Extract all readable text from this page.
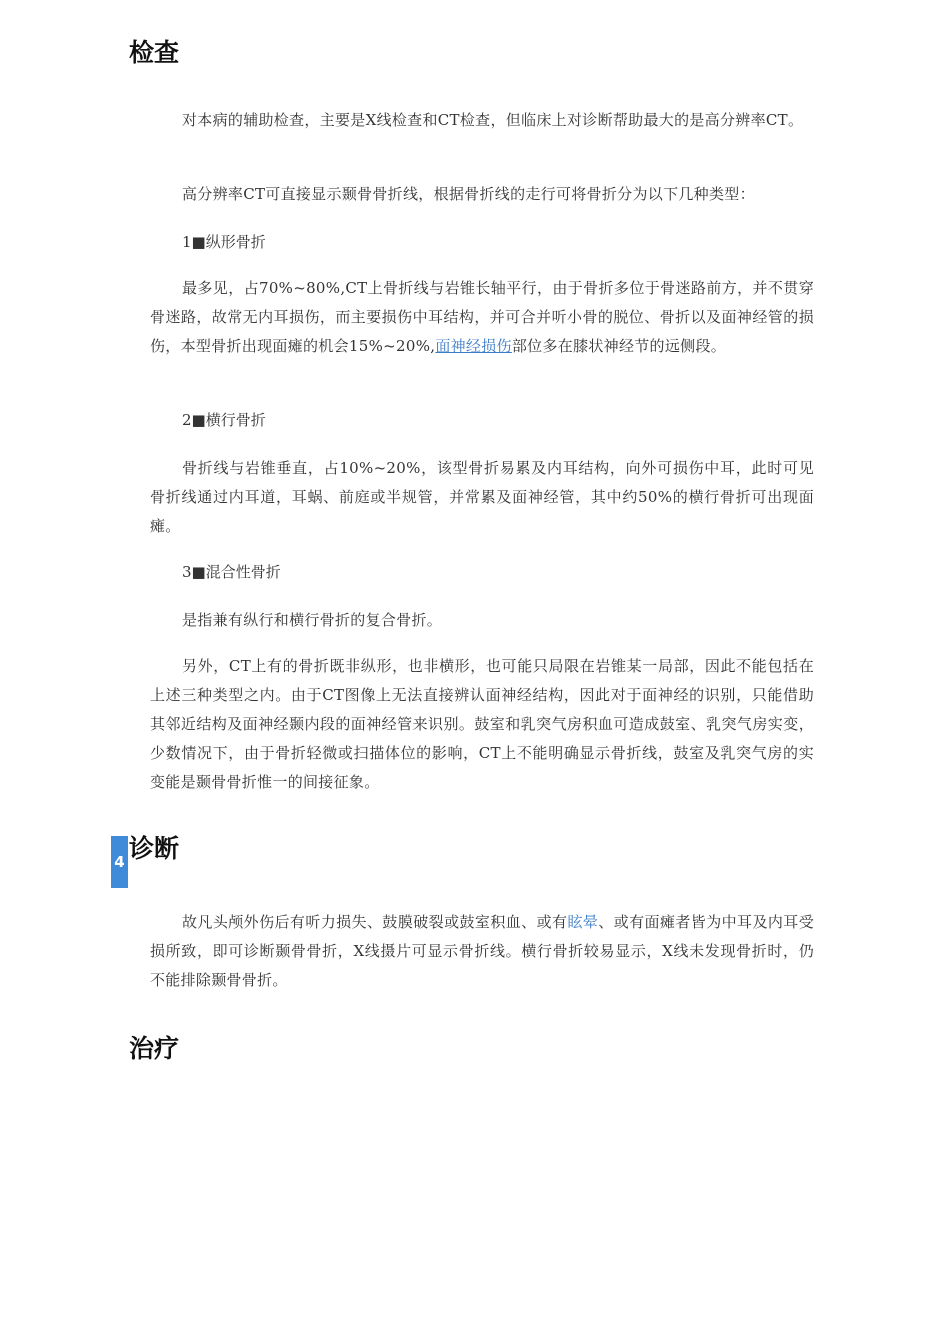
检查

对本病的辅助检查，主要是X线检查和CT检查，但临床上对诊断帮助最大的是高分辨率CT。

高分辨率CT可直接显示颞骨骨折线，根据骨折线的走行可将骨折分为以下几种类型：

1■纵形骨折

最多见，占70%~80%,CT上骨折线与岩锥长轴平行，由于骨折多位于骨迷路前方，并不贯穿骨迷路，故常无内耳损伤，而主要损伤中耳结构，并可合并听小骨的脱位、骨折以及面神经管的损伤，本型骨折出现面瘫的机会15%~20%,面神经损伤部位多在膝状神经节的远侧段。

2■横行骨折

骨折线与岩锥垂直，占10%~20%，该型骨折易累及内耳结构，向外可损伤中耳，此时可见骨折线通过内耳道，耳蜗、前庭或半规管，并常累及面神经管，其中约50%的横行骨折可出现面瘫。

3■混合性骨折

是指兼有纵行和横行骨折的复合骨折。

另外，CT上有的骨折既非纵形，也非横形，也可能只局限在岩锥某一局部，因此不能包括在上述三种类型之内。由于CT图像上无法直接辨认面神经结构，因此对于面神经的识别，只能借助其邻近结构及面神经颞内段的面神经管来识别。鼓室和乳突气房积血可造成鼓室、乳突气房实变，少数情况下，由于骨折轻微或扫描体位的影响，CT上不能明确显示骨折线，鼓室及乳突气房的实变能是颞骨骨折惟一的间接征象。

4 诊断

故凡头颅外伤后有听力损失、鼓膜破裂或鼓室积血、或有眩晕、或有面瘫者皆为中耳及内耳受损所致，即可诊断颞骨骨折，X线摄片可显示骨折线。横行骨折较易显示，X线未发现骨折时，仍不能排除颞骨骨折。

治疗
